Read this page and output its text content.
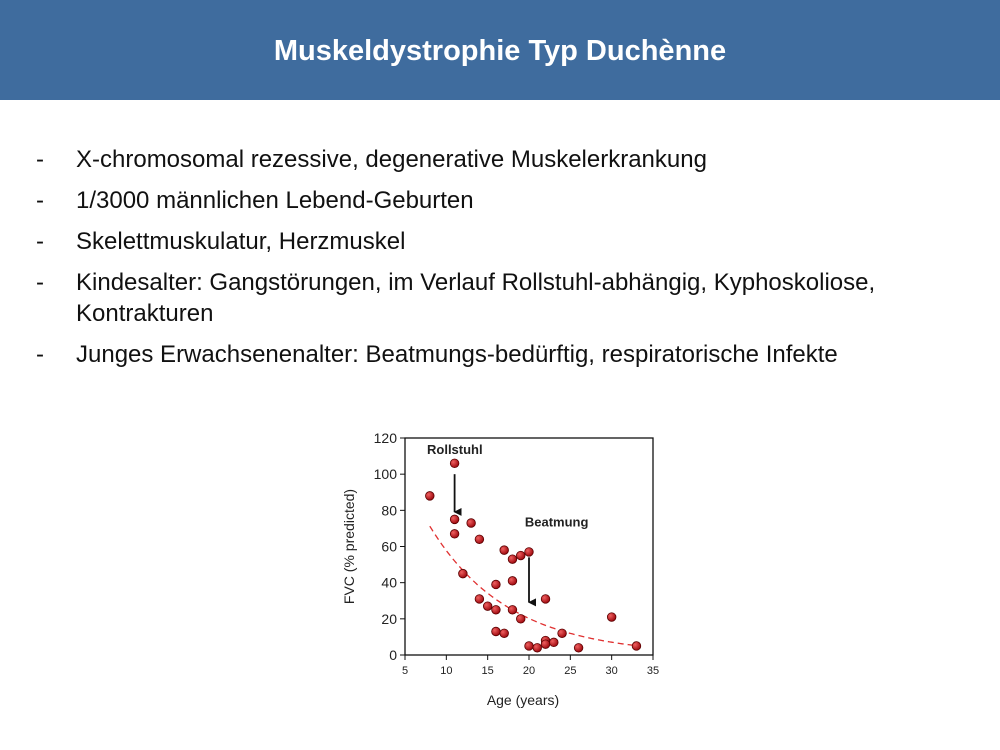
Muskeldystrophie Typ Duchènne
-	X-chromosomal rezessive, degenerative Muskelerkrankung
-	1/3000 männlichen Lebend-Geburten
-	Skelettmuskulatur, Herzmuskel
-	Kindesalter: Gangstörungen, im Verlauf Rollstuhl-abhängig, Kyphoskoliose, Kontrakturen
-	Junges Erwachsenenalter: Beatmungs-bedürftig, respiratorische Infekte
0
20
40
60
80
100
120
5	10	15	20	25	30	35
Rollstuhl
Beatmung
FVC (% predicted)
Age (years)
